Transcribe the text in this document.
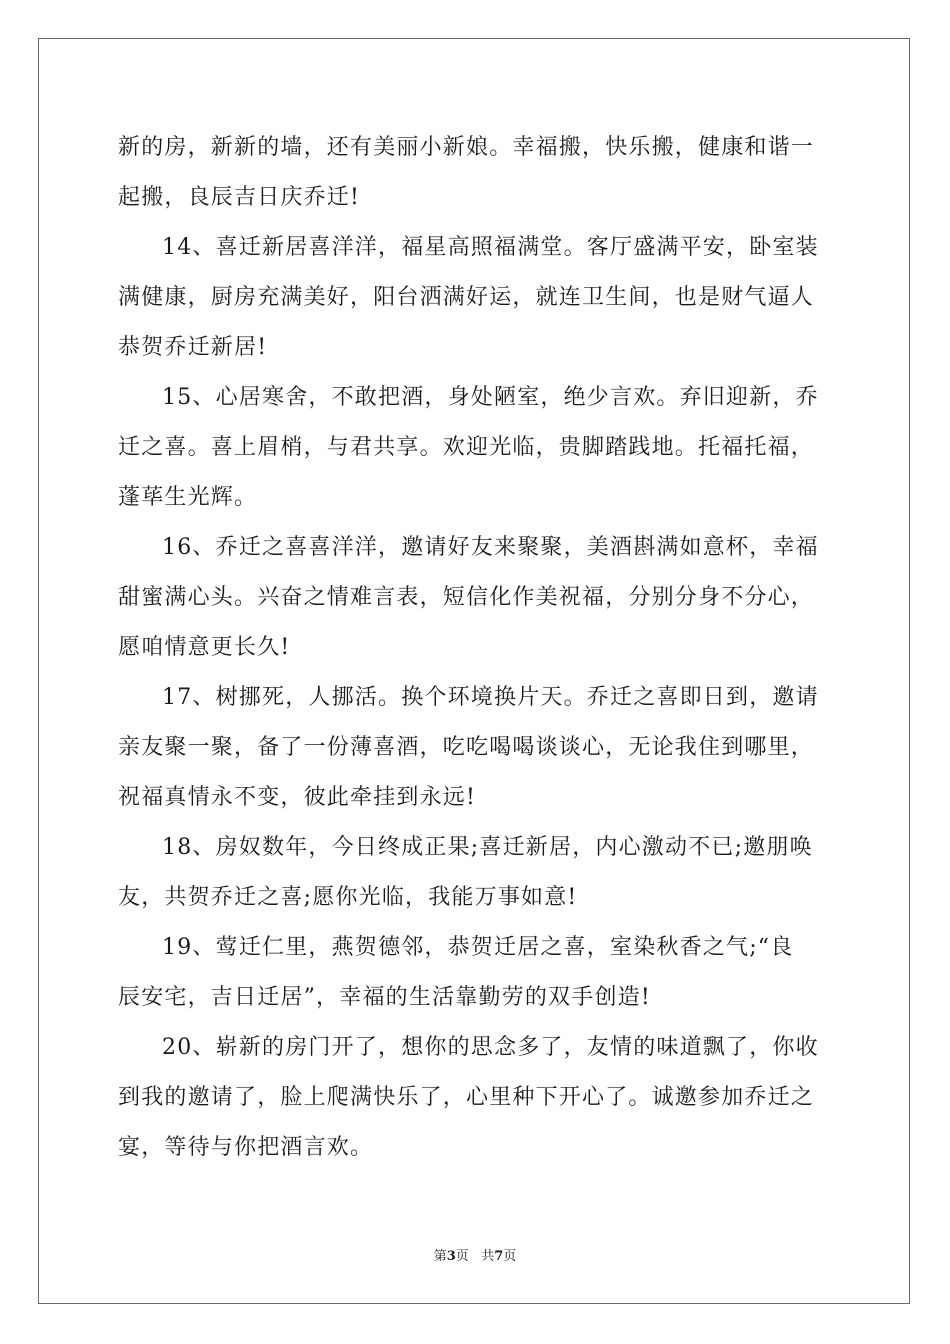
新的房，新新的墙，还有美丽小新娘。幸福搬，快乐搬，健康和谐一
起搬，良辰吉日庆乔迁!
14、喜迁新居喜洋洋，福星高照福满堂。客厅盛满平安，卧室装
满健康，厨房充满美好，阳台洒满好运，就连卫生间，也是财气逼人
恭贺乔迁新居!
15、心居寒舍，不敢把酒，身处陋室，绝少言欢。弃旧迎新，乔
迁之喜。喜上眉梢，与君共享。欢迎光临，贵脚踏践地。托福托福，
蓬荜生光辉。
16、乔迁之喜喜洋洋，邀请好友来聚聚，美酒斟满如意杯，幸福
甜蜜满心头。兴奋之情难言表，短信化作美祝福，分别分身不分心，
愿咱情意更长久!
17、树挪死，人挪活。换个环境换片天。乔迁之喜即日到，邀请
亲友聚一聚，备了一份薄喜酒，吃吃喝喝谈谈心，无论我住到哪里，
祝福真情永不变，彼此牵挂到永远!
18、房奴数年，今日终成正果;喜迁新居，内心激动不已;邀朋唤
友，共贺乔迁之喜;愿你光临，我能万事如意!
19、莺迁仁里，燕贺德邻，恭贺迁居之喜，室染秋香之气;“良
辰安宅，吉日迁居”，幸福的生活靠勤劳的双手创造!
20、崭新的房门开了，想你的思念多了，友情的味道飘了，你收
到我的邀请了，脸上爬满快乐了，心里种下开心了。诚邀参加乔迁之
宴，等待与你把酒言欢。
第3页   共7页
